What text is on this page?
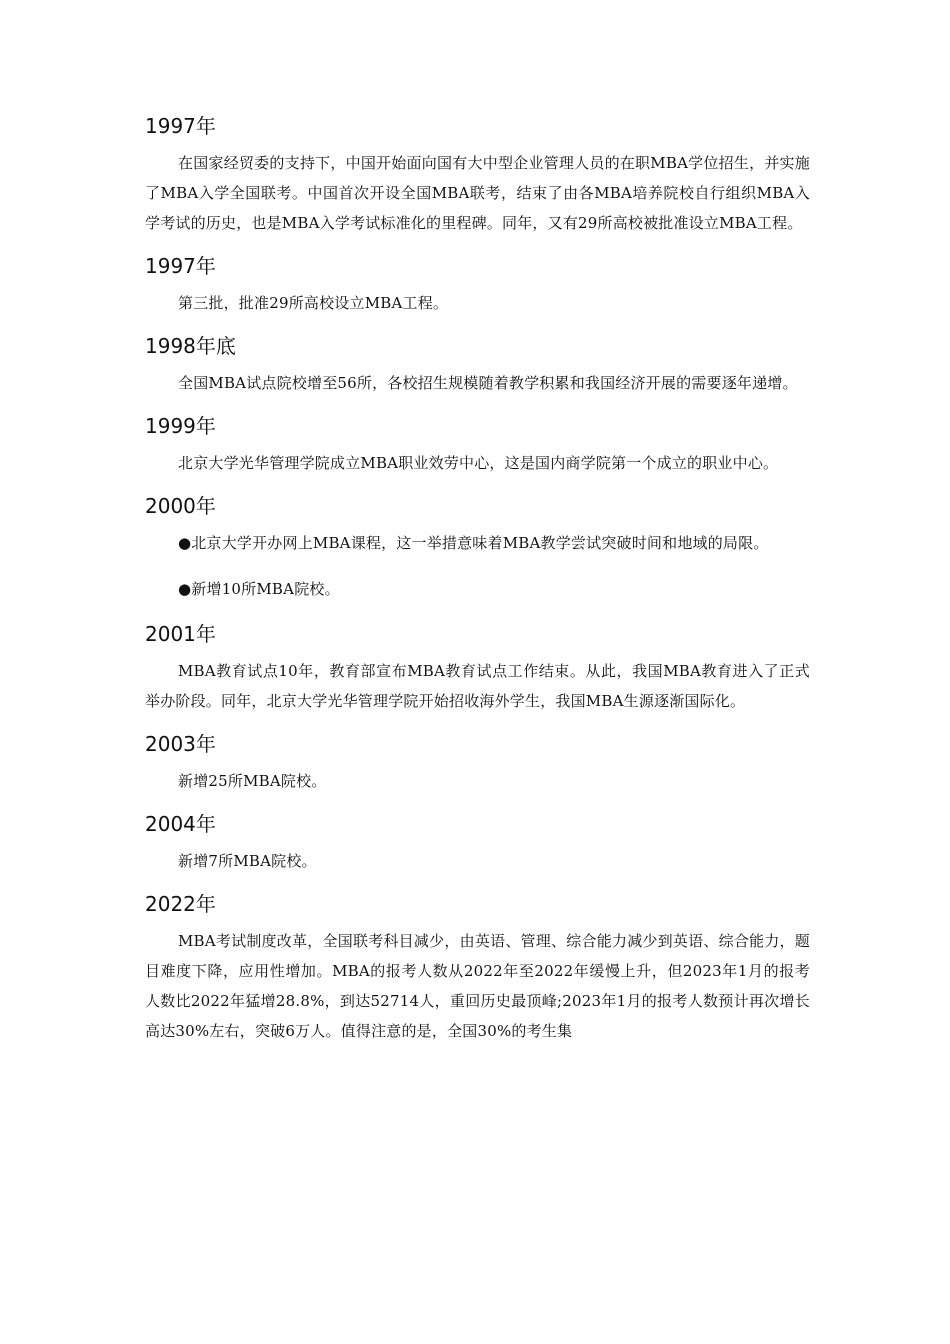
1997年

在国家经贸委的支持下，中国开始面向国有大中型企业管理人员的在职MBA学位招生，并实施了MBA入学全国联考。中国首次开设全国MBA联考，结束了由各MBA培养院校自行组织MBA入学考试的历史，也是MBA入学考试标准化的里程碑。同年，又有29所高校被批准设立MBA工程。

1997年

第三批，批准29所高校设立MBA工程。

1998年底

全国MBA试点院校增至56所，各校招生规模随着教学积累和我国经济开展的需要逐年递增。

1999年

北京大学光华管理学院成立MBA职业效劳中心，这是国内商学院第一个成立的职业中心。

2000年

●北京大学开办网上MBA课程，这一举措意味着MBA教学尝试突破时间和地域的局限。

●新增10所MBA院校。

2001年

MBA教育试点10年，教育部宣布MBA教育试点工作结束。从此，我国MBA教育进入了正式举办阶段。同年，北京大学光华管理学院开始招收海外学生，我国MBA生源逐渐国际化。

2003年

新增25所MBA院校。

2004年

新增7所MBA院校。

2022年

MBA考试制度改革，全国联考科目减少，由英语、管理、综合能力减少到英语、综合能力，题目难度下降，应用性增加。MBA的报考人数从2022年至2022年缓慢上升，但2023年1月的报考人数比2022年猛增28.8%，到达52714人，重回历史最顶峰;2023年1月的报考人数预计再次增长高达30%左右，突破6万人。值得注意的是，全国30%的考生集
